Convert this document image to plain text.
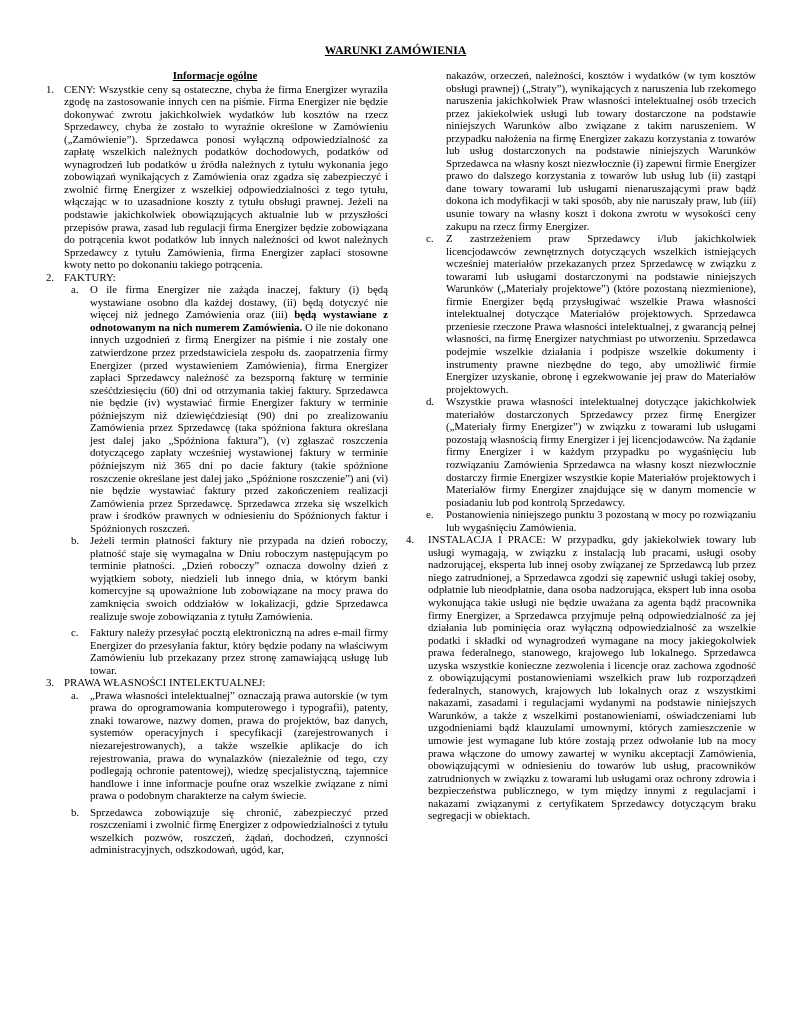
WARUNKI ZAMÓWIENIA
Informacje ogólne
1. CENY: Wszystkie ceny są ostateczne, chyba że firma Energizer wyraziła zgodę na zastosowanie innych cen na piśmie. Firma Energizer nie będzie dokonywać zwrotu jakichkolwiek wydatków lub kosztów na rzecz Sprzedawcy, chyba że zostało to wyraźnie określone w Zamówieniu („Zamówienie”). Sprzedawca ponosi wyłączną odpowiedzialność za zapłatę wszelkich należnych podatków dochodowych, podatków od wynagrodzeń lub podatków u źródła należnych z tytułu wykonania jego zobowiązań wynikających z Zamówienia oraz zgadza się zabezpieczyć i zwolnić firmę Energizer z wszelkiej odpowiedzialności z tego tytułu, włączając w to uzasadnione koszty z tytułu obsługi prawnej. Jeżeli na podstawie jakichkolwiek obowiązujących aktualnie lub w przyszłości przepisów prawa, zasad lub regulacji firma Energizer będzie zobowiązana do potrącenia kwot podatków lub innych należności od kwot należnych Sprzedawcy z tytułu Zamówienia, firma Energizer zapłaci stosowne kwoty netto po dokonaniu takiego potrącenia.
2. FAKTURY:
a. O ile firma Energizer nie zażąda inaczej, faktury (i) będą wystawiane osobno dla każdej dostawy, (ii) będą dotyczyć nie więcej niż jednego Zamówienia oraz (iii) będą wystawiane z odnotowanym na nich numerem Zamówienia. O ile nie dokonano innych uzgodnień z firmą Energizer na piśmie i nie zostały one zatwierdzone przez przedstawiciela zespołu ds. zaopatrzenia firmy Energizer (przed wystawieniem Zamówienia), firma Energizer zapłaci Sprzedawcy należność za bezsporną fakturę w terminie sześćdziesięciu (60) dni od otrzymania takiej faktury. Sprzedawca nie będzie (iv) wystawiać firmie Energizer faktury w terminie późniejszym niż dziewięćdziesiąt (90) dni po zrealizowaniu Zamówienia przez Sprzedawcę (taka spóźniona faktura określana jest dalej jako „Spóźniona faktura”), (v) zgłaszać roszczenia dotyczącego zapłaty wcześniej wystawionej faktury w terminie późniejszym niż 365 dni po dacie faktury (takie spóźnione roszczenie określane jest dalej jako „Spóźnione roszczenie”) ani (vi) nie będzie wystawiać faktury przed zakończeniem realizacji Zamówienia przez Sprzedawcę. Sprzedawca zrzeka się wszelkich praw i środków prawnych w odniesieniu do Spóźnionych faktur i Spóźnionych roszczeń.
b. Jeżeli termin płatności faktury nie przypada na dzień roboczy, płatność staje się wymagalna w Dniu roboczym następującym po terminie płatności. „Dzień roboczy” oznacza dowolny dzień z wyjątkiem soboty, niedzieli lub innego dnia, w którym banki komercyjne są upoważnione lub zobowiązane na mocy prawa do zamknięcia swoich oddziałów w lokalizacji, gdzie Sprzedawca realizuje swoje zobowiązania z tytułu Zamówienia.
c. Faktury należy przesyłać pocztą elektroniczną na adres e-mail firmy Energizer do przesyłania faktur, który będzie podany na właściwym Zamówieniu lub przekazany przez stronę zamawiającą usługę lub towar.
3. PRAWA WŁASNOŚCI INTELEKTUALNEJ:
a. „Prawa własności intelektualnej” oznaczają prawa autorskie (w tym prawa do oprogramowania komputerowego i typografii), patenty, znaki towarowe, nazwy domen, prawa do projektów, baz danych, systemów operacyjnych i specyfikacji (zarejestrowanych i niezarejestrowanych), a także wszelkie aplikacje do ich rejestrowania, prawa do wynalazków (niezależnie od tego, czy podlegają ochronie patentowej), wiedzę specjalistyczną, tajemnice handlowe i inne informacje poufne oraz wszelkie związane z nimi prawa o podobnym charakterze na całym świecie.
b. Sprzedawca zobowiązuje się chronić, zabezpieczyć przed roszczeniami i zwolnić firmę Energizer z odpowiedzialności z tytułu wszelkich pozwów, roszczeń, żądań, dochodzeń, czynności administracyjnych, odszkodowań, ugód, kar,
nakazów, orzeczeń, należności, kosztów i wydatków (w tym kosztów obsługi prawnej) („Straty”), wynikających z naruszenia lub rzekomego naruszenia jakichkolwiek Praw własności intelektualnej osób trzecich przez jakiekolwiek usługi lub towary dostarczone na podstawie niniejszych Warunków albo związane z takim naruszeniem. W przypadku nałożenia na firmę Energizer zakazu korzystania z towarów lub usług dostarczonych na podstawie niniejszych Warunków Sprzedawca na własny koszt niezwłocznie (i) zapewni firmie Energizer prawo do dalszego korzystania z towarów lub usług lub (ii) zastąpi dane towary towarami lub usługami nienaruszającymi praw bądź dokona ich modyfikacji w taki sposób, aby nie naruszały praw, lub (iii) usunie towary na własny koszt i dokona zwrotu w wysokości ceny zakupu na rzecz firmy Energizer.
c. Z zastrzeżeniem praw Sprzedawcy i/lub jakichkolwiek licencjodawców zewnętrznych dotyczących wszelkich istniejących wcześniej materiałów przekazanych przez Sprzedawcę w związku z towarami lub usługami dostarczonymi na podstawie niniejszych Warunków („Materiały projektowe”) (które pozostaną niezmienione), firmie Energizer będą przysługiwać wszelkie Prawa własności intelektualnej dotyczące Materiałów projektowych. Sprzedawca przeniesie rzeczone Prawa własności intelektualnej, z gwarancją pełnej własności, na firmę Energizer natychmiast po utworzeniu. Sprzedawca podejmie wszelkie działania i podpisze wszelkie dokumenty i instrumenty prawne niezbędne do tego, aby umożliwić firmie Energizer uzyskanie, obronę i egzekwowanie jej praw do Materiałów projektowych.
d. Wszystkie prawa własności intelektualnej dotyczące jakichkolwiek materiałów dostarczonych Sprzedawcy przez firmę Energizer („Materiały firmy Energizer”) w związku z towarami lub usługami pozostają własnością firmy Energizer i jej licencjodawców. Na żądanie firmy Energizer i w każdym przypadku po wygaśnięciu lub rozwiązaniu Zamówienia Sprzedawca na własny koszt niezwłocznie dostarczy firmie Energizer wszystkie kopie Materiałów projektowych i Materiałów firmy Energizer znajdujące się w danym momencie w posiadaniu lub pod kontrolą Sprzedawcy.
e. Postanowienia niniejszego punktu 3 pozostaną w mocy po rozwiązaniu lub wygaśnięciu Zamówienia.
4. INSTALACJA I PRACE: W przypadku, gdy jakiekolwiek towary lub usługi wymagają, w związku z instalacją lub pracami, usługi osoby nadzorującej, eksperta lub innej osoby związanej ze Sprzedawcą lub przez niego zatrudnionej, a Sprzedawca zgodzi się zapewnić usługi takiej osoby, odpłatnie lub nieodpłatnie, dana osoba nadzorująca, ekspert lub inna osoba wykonująca takie usługi nie będzie uważana za agenta bądź pracownika firmy Energizer, a Sprzedawca przyjmuje pełną odpowiedzialność za jej działania lub pominięcia oraz wyłączną odpowiedzialność za wszelkie podatki i składki od wynagrodzeń wymagane na mocy jakiegokolwiek prawa federalnego, stanowego, krajowego lub lokalnego. Sprzedawca uzyska wszystkie konieczne zezwolenia i licencje oraz zachowa zgodność z obowiązującymi postanowieniami wszelkich praw lub rozporządzeń federalnych, stanowych, krajowych lub lokalnych oraz z wszystkimi nakazami, zasadami i regulacjami wydanymi na podstawie niniejszych Warunków, a także z wszelkimi postanowieniami, oświadczeniami lub uzgodnieniami bądź klauzulami umownymi, których zamieszczenie w umowie jest wymagane lub które zostają przez odwołanie lub na mocy prawa włączone do umowy zawartej w wyniku akceptacji Zamówienia, obowiązującymi w odniesieniu do towarów lub usług, pracowników zatrudnionych w związku z towarami lub usługami oraz ochrony zdrowia i bezpieczeństwa publicznego, w tym między innymi z regulacjami i nakazami związanymi z certyfikatem Sprzedawcy dotyczącym braku segregacji w obiektach.
